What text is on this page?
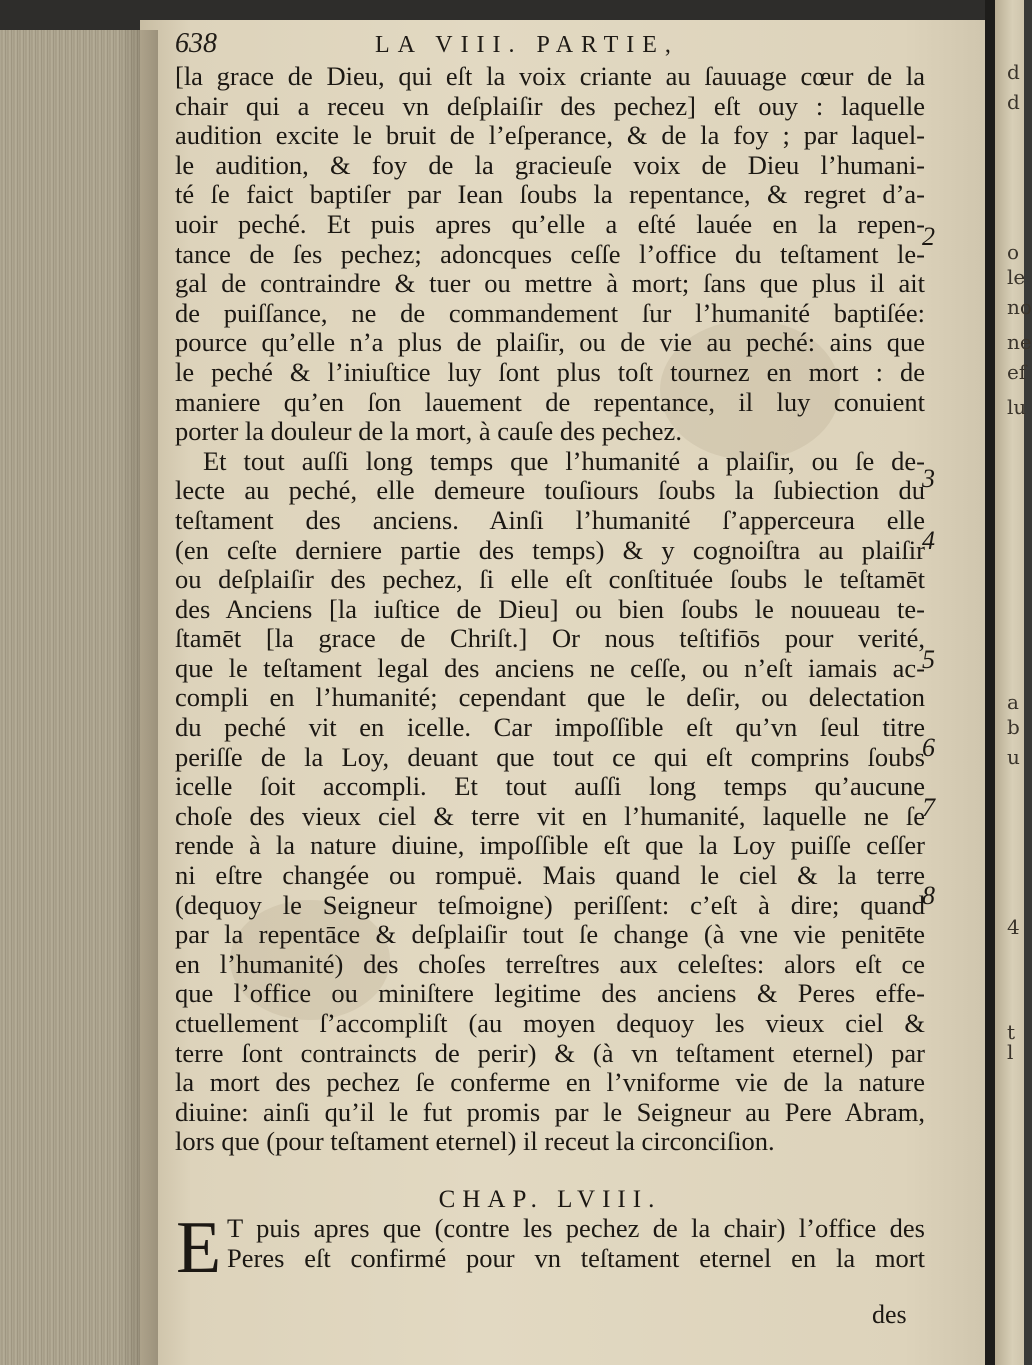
d
d
o
le
no
ne
ef
lu
a
b
u
t
4
l
638	LA VIII. PARTIE,
[la grace de Dieu, qui eſt la voix criante au ſauuage cœur de la
chair qui a receu vn deſplaiſir des pechez] eſt ouy : laquelle
audition excite le bruit de l’eſperance, & de la foy ; par laquel-
le audition, & foy de la gracieuſe voix de Dieu l’humani-
té ſe faict baptiſer par Iean ſoubs la repentance, & regret d’a-
uoir peché. Et puis apres qu’elle a eſté lauée en la repen-
tance de ſes pechez; adoncques ceſſe l’office du teſtament le-
gal de contraindre & tuer ou mettre à mort; ſans que plus il ait
de puiſſance, ne de commandement ſur l’humanité baptiſée:
pource qu’elle n’a plus de plaiſir, ou de vie au peché: ains que
le peché & l’iniuſtice luy ſont plus toſt tournez en mort : de
maniere qu’en ſon lauement de repentance, il luy conuient
porter la douleur de la mort, à cauſe des pechez.
Et tout auſſi long temps que l’humanité a plaiſir, ou ſe de-
lecte au peché, elle demeure touſiours ſoubs la ſubiection du
teſtament des anciens. Ainſi l’humanité ſ’apperceura elle
(en ceſte derniere partie des temps) & y cognoiſtra au plaiſir
ou deſplaiſir des pechez, ſi elle eſt conſtituée ſoubs le teſtamēt
des Anciens [la iuſtice de Dieu] ou bien ſoubs le nouueau te-
ſtamēt [la grace de Chriſt.] Or nous teſtifiōs pour verité,
que le teſtament legal des anciens ne ceſſe, ou n’eſt iamais ac-
compli en l’humanité; cependant que le deſir, ou delectation
du peché vit en icelle. Car impoſſible eſt qu’vn ſeul titre
periſſe de la Loy, deuant que tout ce qui eſt comprins ſoubs
icelle ſoit accompli. Et tout auſſi long temps qu’aucune
choſe des vieux ciel & terre vit en l’humanité, laquelle ne ſe
rende à la nature diuine, impoſſible eſt que la Loy puiſſe ceſſer
ni eſtre changée ou rompuë. Mais quand le ciel & la terre
(dequoy le Seigneur teſmoigne) periſſent: c’eſt à dire; quand
par la repentāce & deſplaiſir tout ſe change (à vne vie penitēte
en l’humanité) des choſes terreſtres aux celeſtes: alors eſt ce
que l’office ou miniſtere legitime des anciens & Peres effe-
ctuellement ſ’accompliſt (au moyen dequoy les vieux ciel &
terre ſont contraincts de perir) & (à vn teſtament eternel) par
la mort des pechez ſe conferme en l’vniforme vie de la nature
diuine: ainſi qu’il le fut promis par le Seigneur au Pere Abram,
lors que (pour teſtament eternel) il receut la circonciſion.
2
3
4
5
6
7
8
CHAP. LVIII.
E T puis apres que (contre les pechez de la chair) l’office des
Peres eſt confirmé pour vn teſtament eternel en la mort
des
